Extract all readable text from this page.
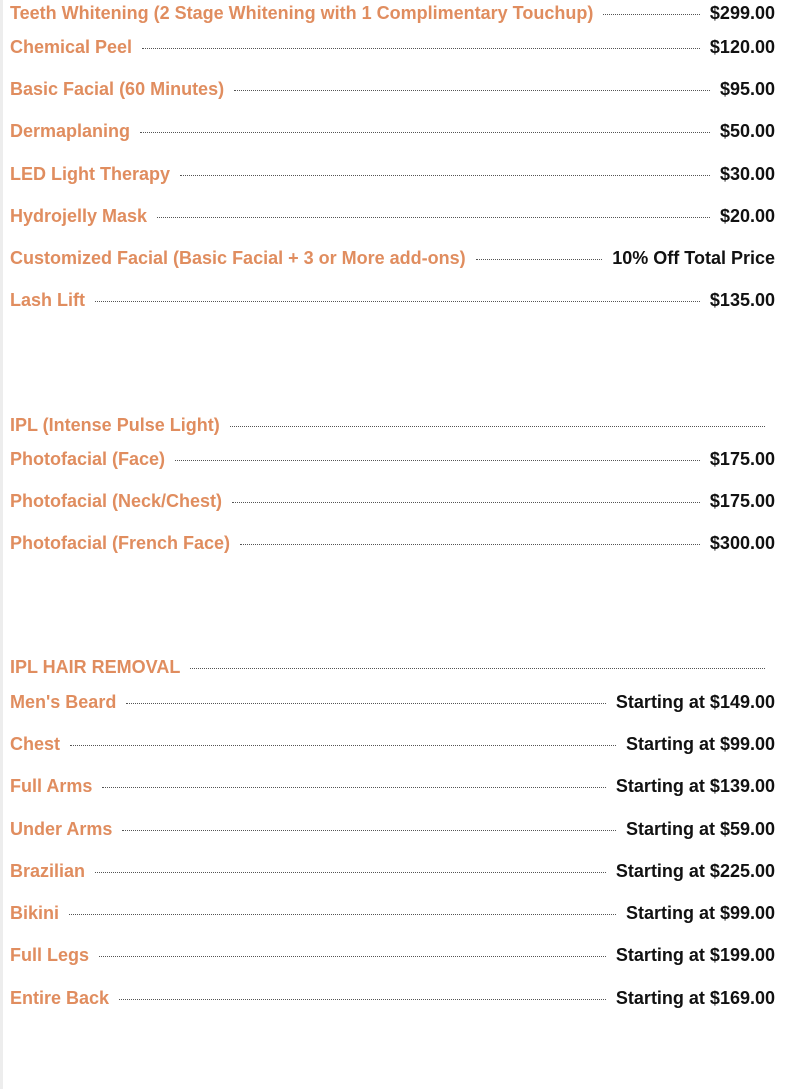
Teeth Whitening (2 Stage Whitening with 1 Complimentary Touchup)	$299.00
Chemical Peel	$120.00
Basic Facial (60 Minutes)	$95.00
Dermaplaning	$50.00
LED Light Therapy	$30.00
Hydrojelly Mask	$20.00
Customized Facial (Basic Facial + 3 or More add-ons)	10% Off Total Price
Lash Lift	$135.00
IPL (Intense Pulse Light)
Photofacial (Face)	$175.00
Photofacial (Neck/Chest)	$175.00
Photofacial (French Face)	$300.00
IPL HAIR REMOVAL
Men's Beard	Starting at $149.00
Chest	Starting at $99.00
Full Arms	Starting at $139.00
Under Arms	Starting at $59.00
Brazilian	Starting at $225.00
Bikini	Starting at $99.00
Full Legs	Starting at $199.00
Entire Back	Starting at $169.00
